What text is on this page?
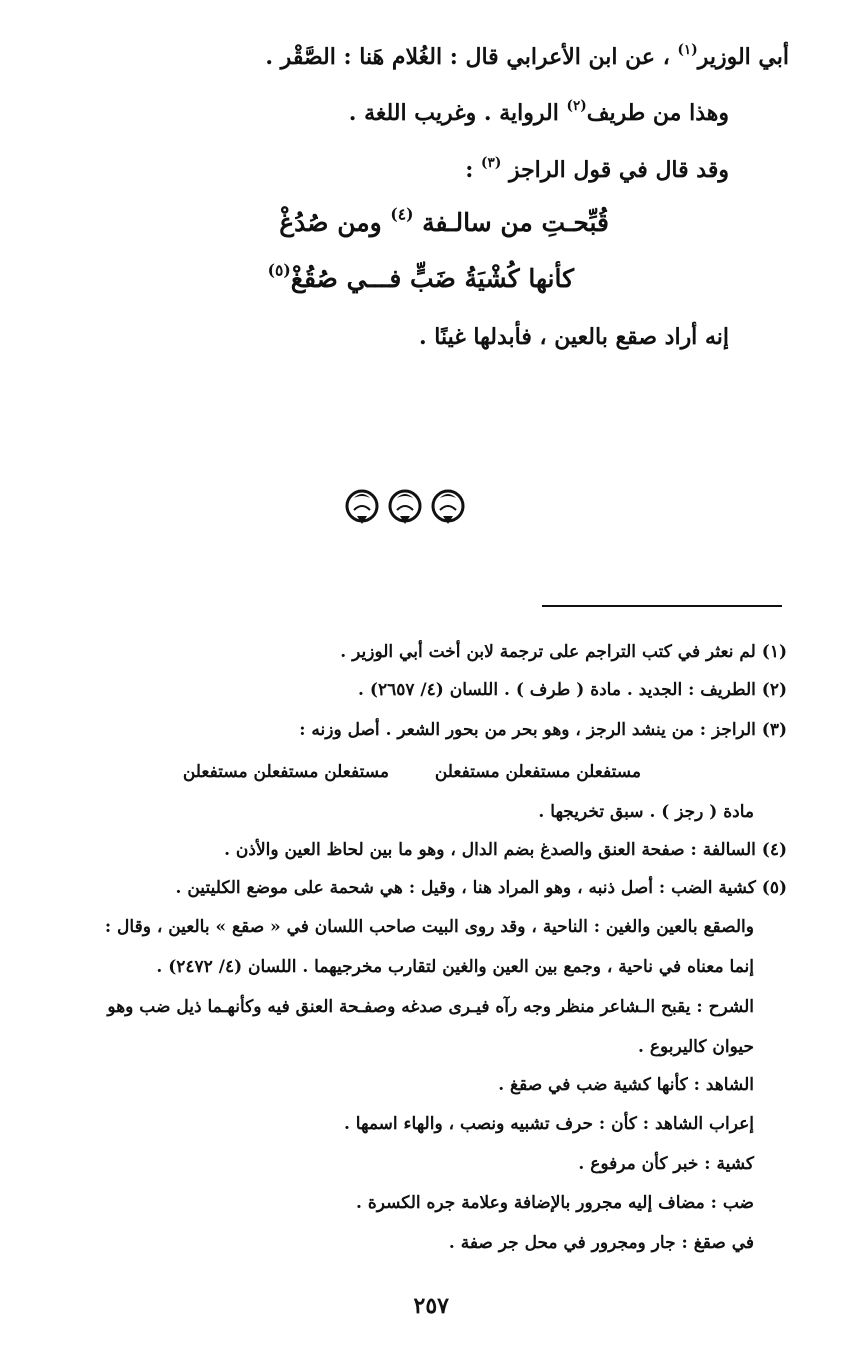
أبي الوزير$^{(١)}$ ، عن ابن الأعرابي قال : الغُلام هَنا : الصَّقْر .
وهذا من طريف$^{(٢)}$ الرواية . وغريب اللغة .
وقد قال في قول الراجز $^{(٣)}$ :
قُبِّحـتِ من سالـفة $^{(٤)}$ ومن صُدُغْ
كأنها كُشْيَةُ ضَبٍّ فـــي صُقُغْ$^{(٥)}$
إنه أراد صقع بالعين ، فأبدلها غينًا .
(١) لم نعثر في كتب التراجم على ترجمة لابن أخت أبي الوزير .
(٢) الطريف : الجديد . مادة ( طرف ) . اللسان (٤/ ٢٦٥٧) .
(٣) الراجز : من ينشد الرجز ، وهو بحر من بحور الشعر . أصل وزنه :
مستفعلن مستفعلن مستفعلن
مستفعلن مستفعلن مستفعلن
مادة ( رجز ) . سبق تخريجها .
(٤) السالفة : صفحة العنق والصدغ بضم الدال ، وهو ما بين لحاظ العين والأذن .
(٥) كشية الضب : أصل ذنبه ، وهو المراد هنا ، وقيل : هي شحمة على موضع الكليتين .
والصقع بالعين والغين : الناحية ، وقد روى البيت صاحب اللسان في « صقع » بالعين ، وقال :
إنما معناه في ناحية ، وجمع بين العين والغين لتقارب مخرجيهما . اللسان (٤/ ٢٤٧٢) .
الشرح : يقبح الـشاعر منظر وجه رآه فيـرى صدغه وصفـحة العنق فيه وكأنهـما ذيل ضب وهو
حيوان كاليربوع .
الشاهد : كأنها كشية ضب في صقغ .
إعراب الشاهد : كأن : حرف تشبيه ونصب ، والهاء اسمها .
كشية : خبر كأن مرفوع .
ضب : مضاف إليه مجرور بالإضافة وعلامة جره الكسرة .
في صقغ : جار ومجرور في محل جر صفة .
٢٥٧
